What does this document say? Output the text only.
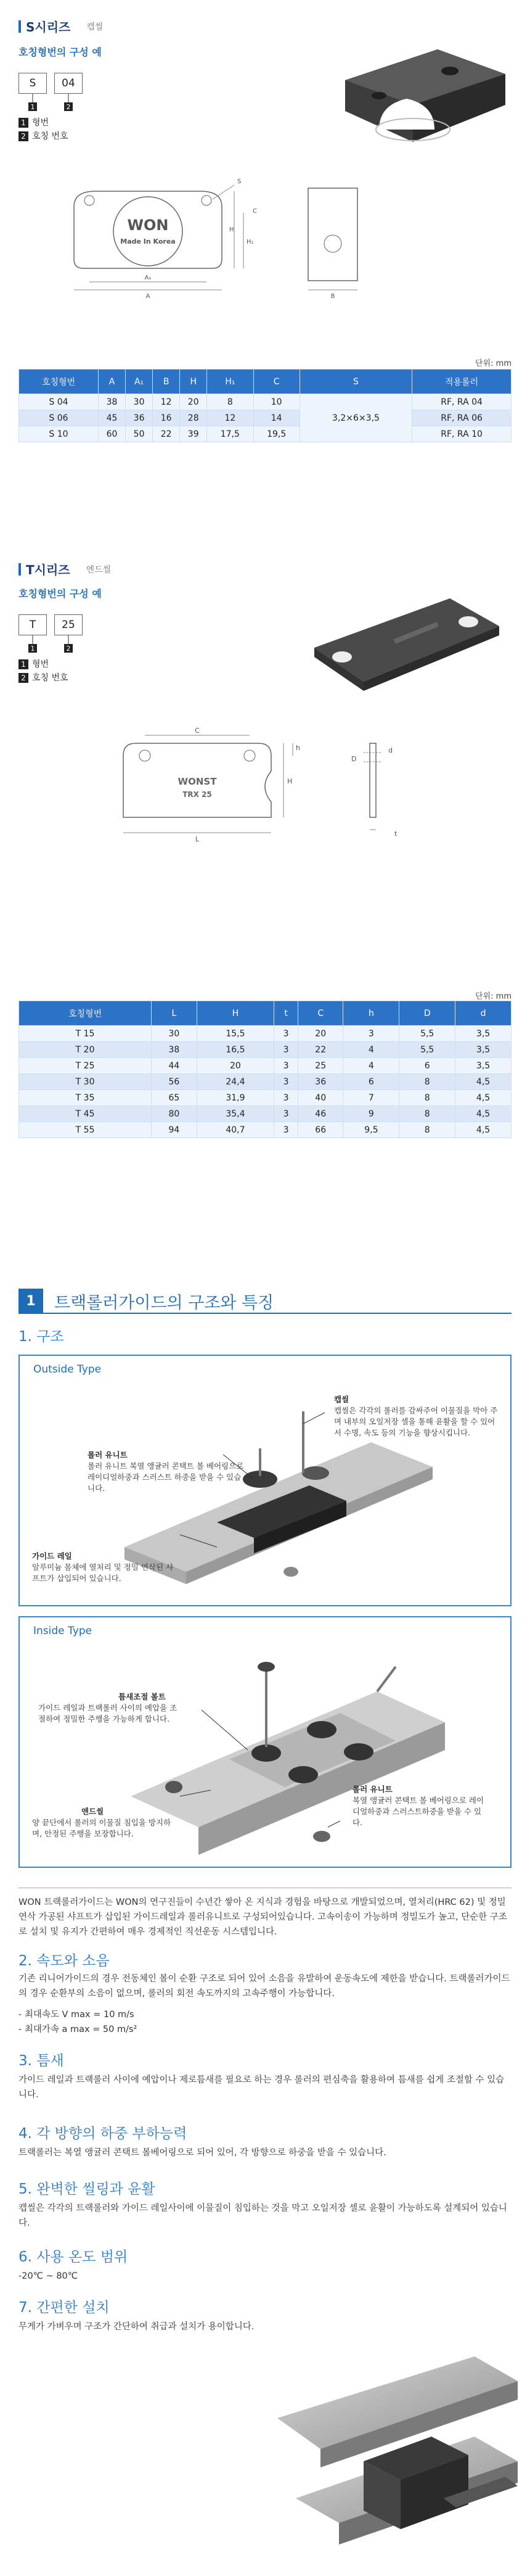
S시리즈 캡씰
호칭형번의 구성 예
S	04
1	2
1 형번
2 호칭 번호
WON
Made In Korea
A₁
A
H
H₁
S
C
B
단위: mm
호칭형번	A	A₁	B	H	H₁	C	S	적용롤러
S 04	38	30	12	20	8	10	3,2×6×3,5	RF, RA 04
S 06	45	36	16	28	12	14		RF, RA 06
S 10	60	50	22	39	17,5	19,5		RF, RA 10
T시리즈 엔드씰
호칭형번의 구성 예
T	25
1	2
1 형번
2 호칭 번호
WONST
TRX 25
C
L
H
h
D
d
t
단위: mm
호칭형번	L	H	t	C	h	D	d
T 15	30	15,5	3	20	3	5,5	3,5
T 20	38	16,5	3	22	4	5,5	3,5
T 25	44	20	3	25	4	6	3,5
T 30	56	24,4	3	36	6	8	4,5
T 35	65	31,9	3	40	7	8	4,5
T 45	80	35,4	3	46	9	8	4,5
T 55	94	40,7	3	66	9,5	8	4,5
1	트랙롤러가이드의 구조와 특징
1. 구조
Outside Type
캡씰
캡씰은 각각의 롤러를 감싸주어 이물질을 막아 주며 내부의 오일저장 셀을 통해 윤활을 할 수 있어서 수명, 속도 등의 기능을 향상시킵니다.
롤러 유니트
롤러 유니트 복열 앵귤러 콘택트 볼 베어링으로 레이디얼하중과 스러스트 하중을 받을 수 있습니다.
가이드 레일
알루미늄 몸체에 열처리 및 정밀 연삭된 샤프트가 삽입되어 있습니다.
Inside Type
틈새조절 볼트
가이드 레일과 트랙롤러 사이의 예압을 조절하여 정밀한 주행을 가능하게 합니다.
엔드씰
양 끝단에서 롤러의 이물질 침입을 방지하며, 안정된 주행을 보장합니다.
롤러 유니트
복열 앵귤러 콘택트 볼 베어링으로 레이디얼하중과 스러스트하중을 받을 수 있다.
WON 트랙롤러가이드는 WON의 연구진들이 수년간 쌓아 온 지식과 경험을 바탕으로 개발되었으며, 열처리(HRC 62) 및 정밀 연삭 가공된 샤프트가 삽입된 가이드레일과 롤러유니트로 구성되어있습니다. 고속이송이 가능하며 정밀도가 높고, 단순한 구조로 설치 및 유지가 간편하여 매우 경제적인 직선운동 시스템입니다.
2. 속도와 소음
기존 리니어가이드의 경우 전동체인 볼이 순환 구조로 되어 있어 소음을 유발하여 운동속도에 제한을 받습니다. 트랙롤러가이드의 경우 순환부의 소음이 없으며, 롤러의 회전 속도까지의 고속주행이 가능합니다.
- 최대속도 V max = 10 m/s
- 최대가속 a max = 50 m/s²
3. 틈새
가이드 레일과 트랙롤러 사이에 예압이나 제로틈새를 필요로 하는 경우 롤러의 편심축을 활용하여 틈새를 쉽게 조절할 수 있습니다.
4. 각 방향의 하중 부하능력
트랙롤러는 복열 앵귤러 콘택트 볼베어링으로 되어 있어, 각 방향으로 하중을 받을 수 있습니다.
5. 완벽한 씰링과 윤활
캡씰은 각각의 트랙롤러와 가이드 레일사이에 이물질이 침입하는 것을 막고 오일저장 셀로 윤활이 가능하도록 설계되어 있습니다.
6. 사용 온도 범위
-20℃ ~ 80℃
7. 간편한 설치
무게가 가벼우며 구조가 간단하여 취급과 설치가 용이합니다.
